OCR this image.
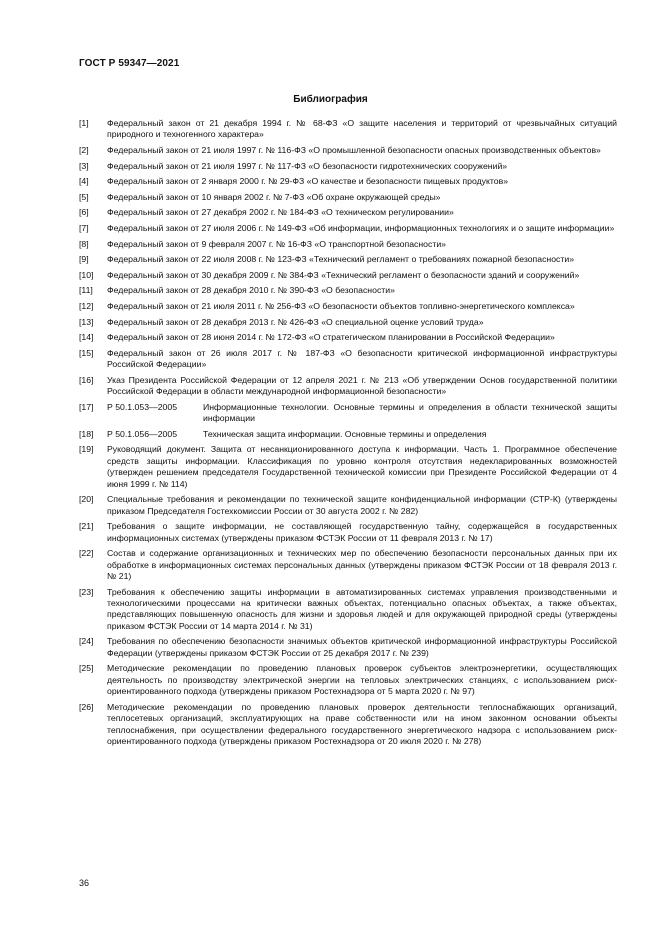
ГОСТ Р 59347—2021
Библиография
[1]	Федеральный закон от 21 декабря 1994 г. № 68-ФЗ «О защите населения и территорий от чрезвычайных ситуаций природного и техногенного характера»
[2]	Федеральный закон от 21 июля 1997 г. № 116-ФЗ «О промышленной безопасности опасных производственных объектов»
[3]	Федеральный закон от 21 июля 1997 г. № 117-ФЗ «О безопасности гидротехнических сооружений»
[4]	Федеральный закон от 2 января 2000 г. № 29-ФЗ «О качестве и безопасности пищевых продуктов»
[5]	Федеральный закон от 10 января 2002 г. № 7-ФЗ «Об охране окружающей среды»
[6]	Федеральный закон от 27 декабря 2002 г. № 184-ФЗ «О техническом регулировании»
[7]	Федеральный закон от 27 июля 2006 г. № 149-ФЗ «Об информации, информационных технологиях и о защите информации»
[8]	Федеральный закон от 9 февраля 2007 г. № 16-ФЗ «О транспортной безопасности»
[9]	Федеральный закон от 22 июля 2008 г. № 123-ФЗ «Технический регламент о требованиях пожарной безопасности»
[10]	Федеральный закон от 30 декабря 2009 г. № 384-ФЗ «Технический регламент о безопасности зданий и сооружений»
[11]	Федеральный закон от 28 декабря 2010 г. № 390-ФЗ «О безопасности»
[12]	Федеральный закон от 21 июля 2011 г. № 256-ФЗ «О безопасности объектов топливно-энергетического комплекса»
[13]	Федеральный закон от 28 декабря 2013 г. № 426-ФЗ «О специальной оценке условий труда»
[14]	Федеральный закон от 28 июня 2014 г. № 172-ФЗ «О стратегическом планировании в Российской Федерации»
[15]	Федеральный закон от 26 июля 2017 г. № 187-ФЗ «О безопасности критической информационной инфраструктуры Российской Федерации»
[16]	Указ Президента Российской Федерации от 12 апреля 2021 г. № 213 «Об утверждении Основ государственной политики Российской Федерации в области международной информационной безопасности»
[17]	Р 50.1.053—2005	Информационные технологии. Основные термины и определения в области технической защиты информации
[18]	Р 50.1.056—2005	Техническая защита информации. Основные термины и определения
[19]	Руководящий документ. Защита от несанкционированного доступа к информации. Часть 1. Программное обеспечение средств защиты информации. Классификация по уровню контроля отсутствия недекларированных возможностей (утвержден решением председателя Государственной технической комиссии при Президенте Российской Федерации от 4 июня 1999 г. № 114)
[20]	Специальные требования и рекомендации по технической защите конфиденциальной информации (СТР-К) (утверждены приказом Председателя Гостехкомиссии России от 30 августа 2002 г. № 282)
[21]	Требования о защите информации, не составляющей государственную тайну, содержащейся в государственных информационных системах (утверждены приказом ФСТЭК России от 11 февраля 2013 г. № 17)
[22]	Состав и содержание организационных и технических мер по обеспечению безопасности персональных данных при их обработке в информационных системах персональных данных (утверждены приказом ФСТЭК России от 18 февраля 2013 г. № 21)
[23]	Требования к обеспечению защиты информации в автоматизированных системах управления производственными и технологическими процессами на критически важных объектах, потенциально опасных объектах, а также объектах, представляющих повышенную опасность для жизни и здоровья людей и для окружающей природной среды (утверждены приказом ФСТЭК России от 14 марта 2014 г. № 31)
[24]	Требования по обеспечению безопасности значимых объектов критической информационной инфраструктуры Российской Федерации (утверждены приказом ФСТЭК России от 25 декабря 2017 г. № 239)
[25]	Методические рекомендации по проведению плановых проверок субъектов электроэнергетики, осуществляющих деятельность по производству электрической энергии на тепловых электрических станциях, с использованием риск-ориентированного подхода (утверждены приказом Ростехнадзора от 5 марта 2020 г. № 97)
[26]	Методические рекомендации по проведению плановых проверок деятельности теплоснабжающих организаций, теплосетевых организаций, эксплуатирующих на праве собственности или на ином законном основании объекты теплоснабжения, при осуществлении федерального государственного энергетического надзора с использованием риск-ориентированного подхода (утверждены приказом Ростехнадзора от 20 июля 2020 г. № 278)
36
